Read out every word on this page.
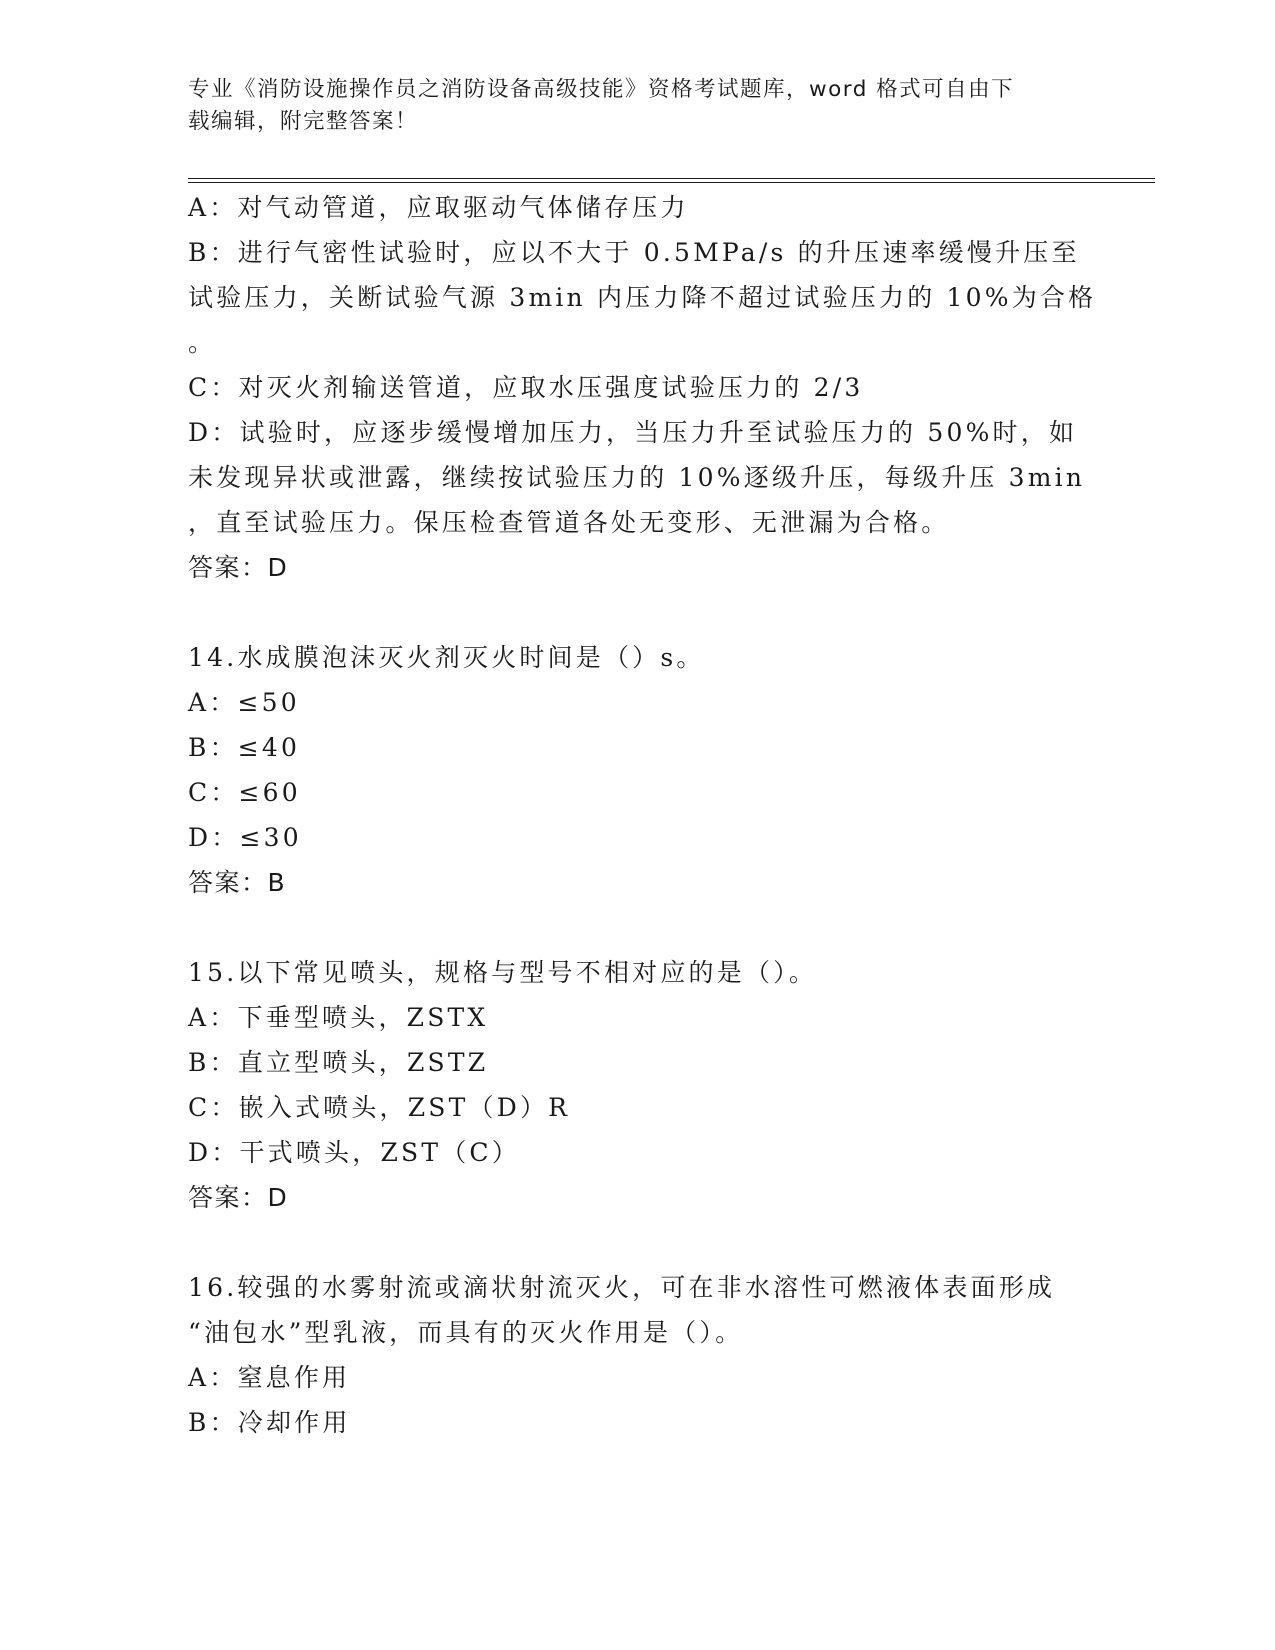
专业《消防设施操作员之消防设备高级技能》资格考试题库，word 格式可自由下
载编辑，附完整答案！
A：对气动管道，应取驱动气体储存压力
B：进行气密性试验时，应以不大于 0.5MPa/s 的升压速率缓慢升压至
试验压力，关断试验气源 3min 内压力降不超过试验压力的 10%为合格
。
C：对灭火剂输送管道，应取水压强度试验压力的 2/3
D：试验时，应逐步缓慢增加压力，当压力升至试验压力的 50%时，如
未发现异状或泄露，继续按试验压力的 10%逐级升压，每级升压 3min
，直至试验压力。保压检查管道各处无变形、无泄漏为合格。
答案：D
14.水成膜泡沫灭火剂灭火时间是（）s。
A：≤50
B：≤40
C：≤60
D：≤30
答案：B
15.以下常见喷头，规格与型号不相对应的是（）。
A：下垂型喷头，ZSTX
B：直立型喷头，ZSTZ
C：嵌入式喷头，ZST（D）R
D：干式喷头，ZST（C）
答案：D
16.较强的水雾射流或滴状射流灭火，可在非水溶性可燃液体表面形成
“油包水”型乳液，而具有的灭火作用是（）。
A：窒息作用
B：冷却作用
